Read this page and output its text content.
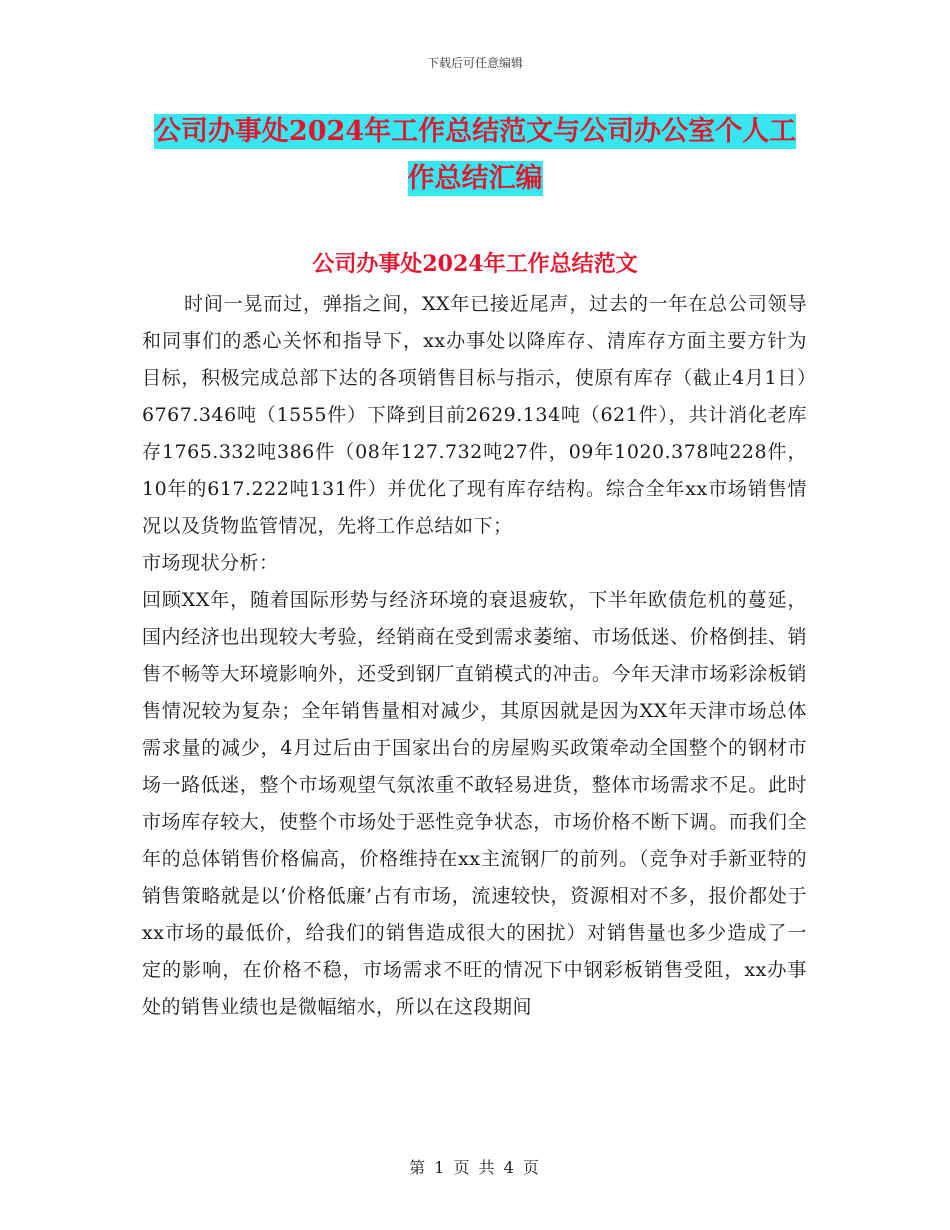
下载后可任意编辑
公司办事处2024年工作总结范文与公司办公室个人工
作总结汇编
公司办事处2024年工作总结范文

时间一晃而过，弹指之间，XX年已接近尾声，过去的一年在总公司领导和同事们的悉心关怀和指导下，xx办事处以降库存、清库存方面主要方针为目标，积极完成总部下达的各项销售目标与指示，使原有库存（截止4月1日）6767.346吨（1555件）下降到目前2629.134吨（621件），共计消化老库存1765.332吨386件（08年127.732吨27件，09年1020.378吨228件，10年的617.222吨131件）并优化了现有库存结构。综合全年xx市场销售情况以及货物监管情况，先将工作总结如下；

市场现状分析：

回顾XX年，随着国际形势与经济环境的衰退疲软，下半年欧债危机的蔓延，国内经济也出现较大考验，经销商在受到需求萎缩、市场低迷、价格倒挂、销售不畅等大环境影响外，还受到钢厂直销模式的冲击。今年天津市场彩涂板销售情况较为复杂；全年销售量相对减少，其原因就是因为XX年天津市场总体需求量的减少，4月过后由于国家出台的房屋购买政策牵动全国整个的钢材市场一路低迷，整个市场观望气氛浓重不敢轻易进货，整体市场需求不足。此时市场库存较大，使整个市场处于恶性竞争状态，市场价格不断下调。而我们全年的总体销售价格偏高，价格维持在xx主流钢厂的前列。（竞争对手新亚特的销售策略就是以‘价格低廉’占有市场，流速较快，资源相对不多，报价都处于xx市场的最低价，给我们的销售造成很大的困扰）对销售量也多少造成了一定的影响，在价格不稳，市场需求不旺的情况下中钢彩板销售受阻，xx办事处的销售业绩也是微幅缩水，所以在这段期间

第 1 页 共 4 页
